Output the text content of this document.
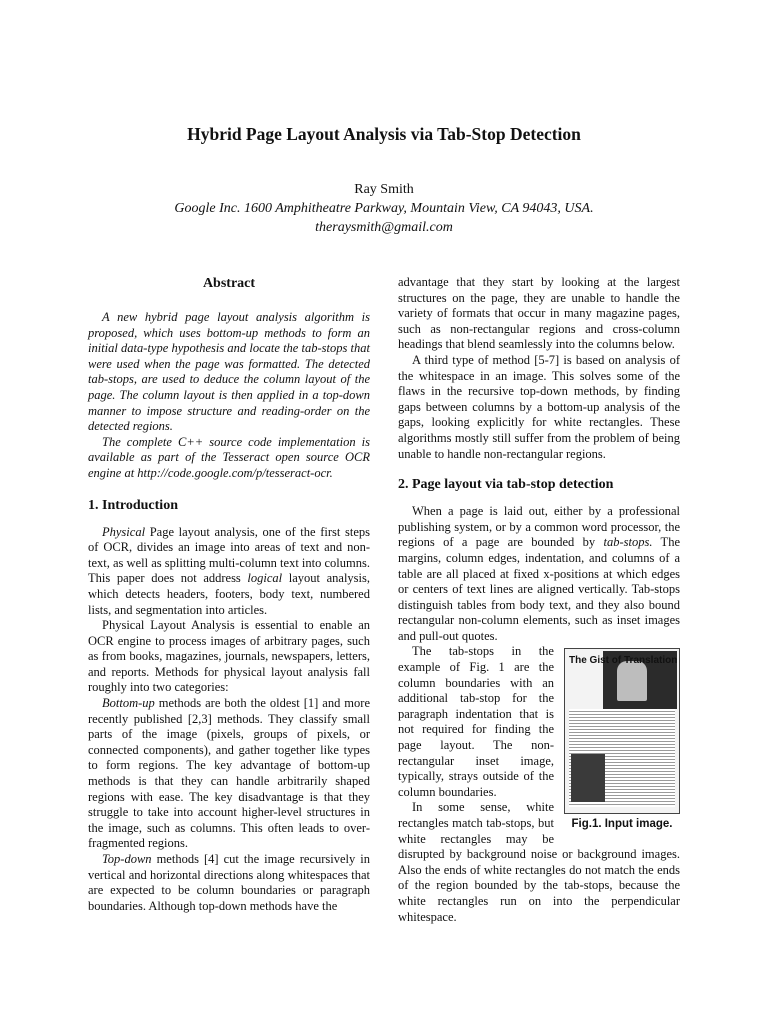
Hybrid Page Layout Analysis via Tab-Stop Detection
Ray Smith
Google Inc. 1600 Amphitheatre Parkway, Mountain View, CA 94043, USA.
theraysmith@gmail.com
Abstract

A new hybrid page layout analysis algorithm is proposed, which uses bottom-up methods to form an initial data-type hypothesis and locate the tab-stops that were used when the page was formatted. The detected tab-stops, are used to deduce the column layout of the page. The column layout is then applied in a top-down manner to impose structure and reading-order on the detected regions.

The complete C++ source code implementation is available as part of the Tesseract open source OCR engine at http://code.google.com/p/tesseract-ocr.

1. Introduction

Physical Page layout analysis, one of the first steps of OCR, divides an image into areas of text and non-text, as well as splitting multi-column text into columns. This paper does not address logical layout analysis, which detects headers, footers, body text, numbered lists, and segmentation into articles.

Physical Layout Analysis is essential to enable an OCR engine to process images of arbitrary pages, such as from books, magazines, journals, newspapers, letters, and reports. Methods for physical layout analysis fall roughly into two categories:

Bottom-up methods are both the oldest [1] and more recently published [2,3] methods. They classify small parts of the image (pixels, groups of pixels, or connected components), and gather together like types to form regions. The key advantage of bottom-up methods is that they can handle arbitrarily shaped regions with ease. The key disadvantage is that they struggle to take into account higher-level structures in the image, such as columns. This often leads to over-fragmented regions.

Top-down methods [4] cut the image recursively in vertical and horizontal directions along whitespaces that are expected to be column boundaries or paragraph boundaries. Although top-down methods have the

advantage that they start by looking at the largest structures on the page, they are unable to handle the variety of formats that occur in many magazine pages, such as non-rectangular regions and cross-column headings that blend seamlessly into the columns below.

A third type of method [5-7] is based on analysis of the whitespace in an image. This solves some of the flaws in the recursive top-down methods, by finding gaps between columns by a bottom-up analysis of the gaps, looking explicitly for white rectangles. These algorithms mostly still suffer from the problem of being unable to handle non-rectangular regions.

2. Page layout via tab-stop detection

When a page is laid out, either by a professional publishing system, or by a common word processor, the regions of a page are bounded by tab-stops. The margins, column edges, indentation, and columns of a table are all placed at fixed x-positions at which edges or centers of text lines are aligned vertically. Tab-stops distinguish tables from body text, and they also bound rectangular non-column elements, such as inset images and pull-out quotes.

The Gist of Translation
Fig.1. Input image.

The tab-stops in the example of Fig. 1 are the column boundaries with an additional tab-stop for the paragraph indentation that is not required for finding the page layout. The non-rectangular inset image, typically, strays outside of the column boundaries.

In some sense, white rectangles match tab-stops, but white rectangles may be disrupted by background noise or background images. Also the ends of white rectangles do not match the ends of the region bounded by the tab-stops, because the white rectangles run on into the perpendicular whitespace.
